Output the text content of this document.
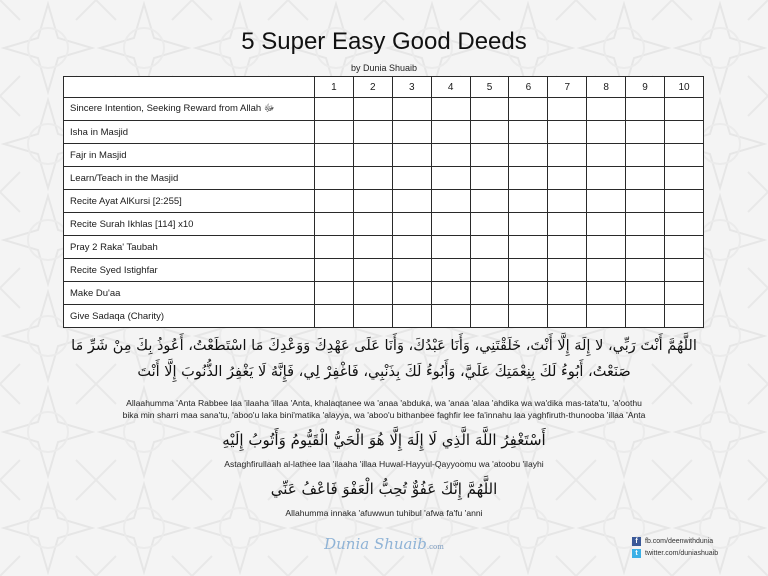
5 Super Easy Good Deeds
by Dunia Shuaib
	1	2	3	4	5	6	7	8	9	10
Sincere Intention, Seeking Reward from Allah ﷻ										
Isha in Masjid										
Fajr in Masjid										
Learn/Teach in the Masjid										
Recite Ayat AlKursi [2:255]										
Recite Surah Ikhlas [114] x10										
Pray 2 Raka' Taubah										
Recite Syed Istighfar										
Make Du'aa										
Give Sadaqa (Charity)										
اللَّهُمَّ أَنْتَ رَبِّي، لا إِلَهَ إِلَّا أَنْتَ، خَلَقْتَنِي، وَأَنَا عَبْدُكَ، وَأَنَا عَلَى عَهْدِكَ وَوَعْدِكَ مَا اسْتَطَعْتُ، أَعُوذُ بِكَ مِنْ شَرِّ مَا
صَنَعْتُ، أَبُوءُ لَكَ بِنِعْمَتِكَ عَلَيَّ، وَأَبُوءُ لَكَ بِذَنْبِي، فَاغْفِرْ لِي، فَإِنَّهُ لَا يَغْفِرُ الذُّنُوبَ إِلَّا أَنْتَ
Allaahumma 'Anta Rabbee laa 'ilaaha 'illaa 'Anta, khalaqtanee wa 'anaa 'abduka, wa 'anaa 'alaa 'ahdika wa wa'dika mas-tata'tu, 'a'oothu
bika min sharri maa sana'tu, 'aboo'u laka bini'matika 'alayya, wa 'aboo'u bithanbee faghfir lee fa'innahu laa yaghfiruth-thunooba 'illaa 'Anta
أَسْتَغْفِرُ اللَّهَ الَّذِي لَا إِلَهَ إِلَّا هُوَ الْحَيُّ الْقَيُّومُ وَأَتُوبُ إِلَيْهِ
Astaghfirullaah al-lathee laa 'ilaaha 'illaa Huwal-Hayyul-Qayyoomu wa 'atoobu 'ilayhi
اللَّهُمَّ إِنَّكَ عَفُوٌّ تُحِبُّ الْعَفْوَ فَاعْفُ عَنِّي
Allahumma innaka 'afuwwun tuhibul 'afwa fa'fu 'anni
Dunia Shuaib.com
f	fb.com/deenwithdunia
t	twitter.com/duniashuaib
